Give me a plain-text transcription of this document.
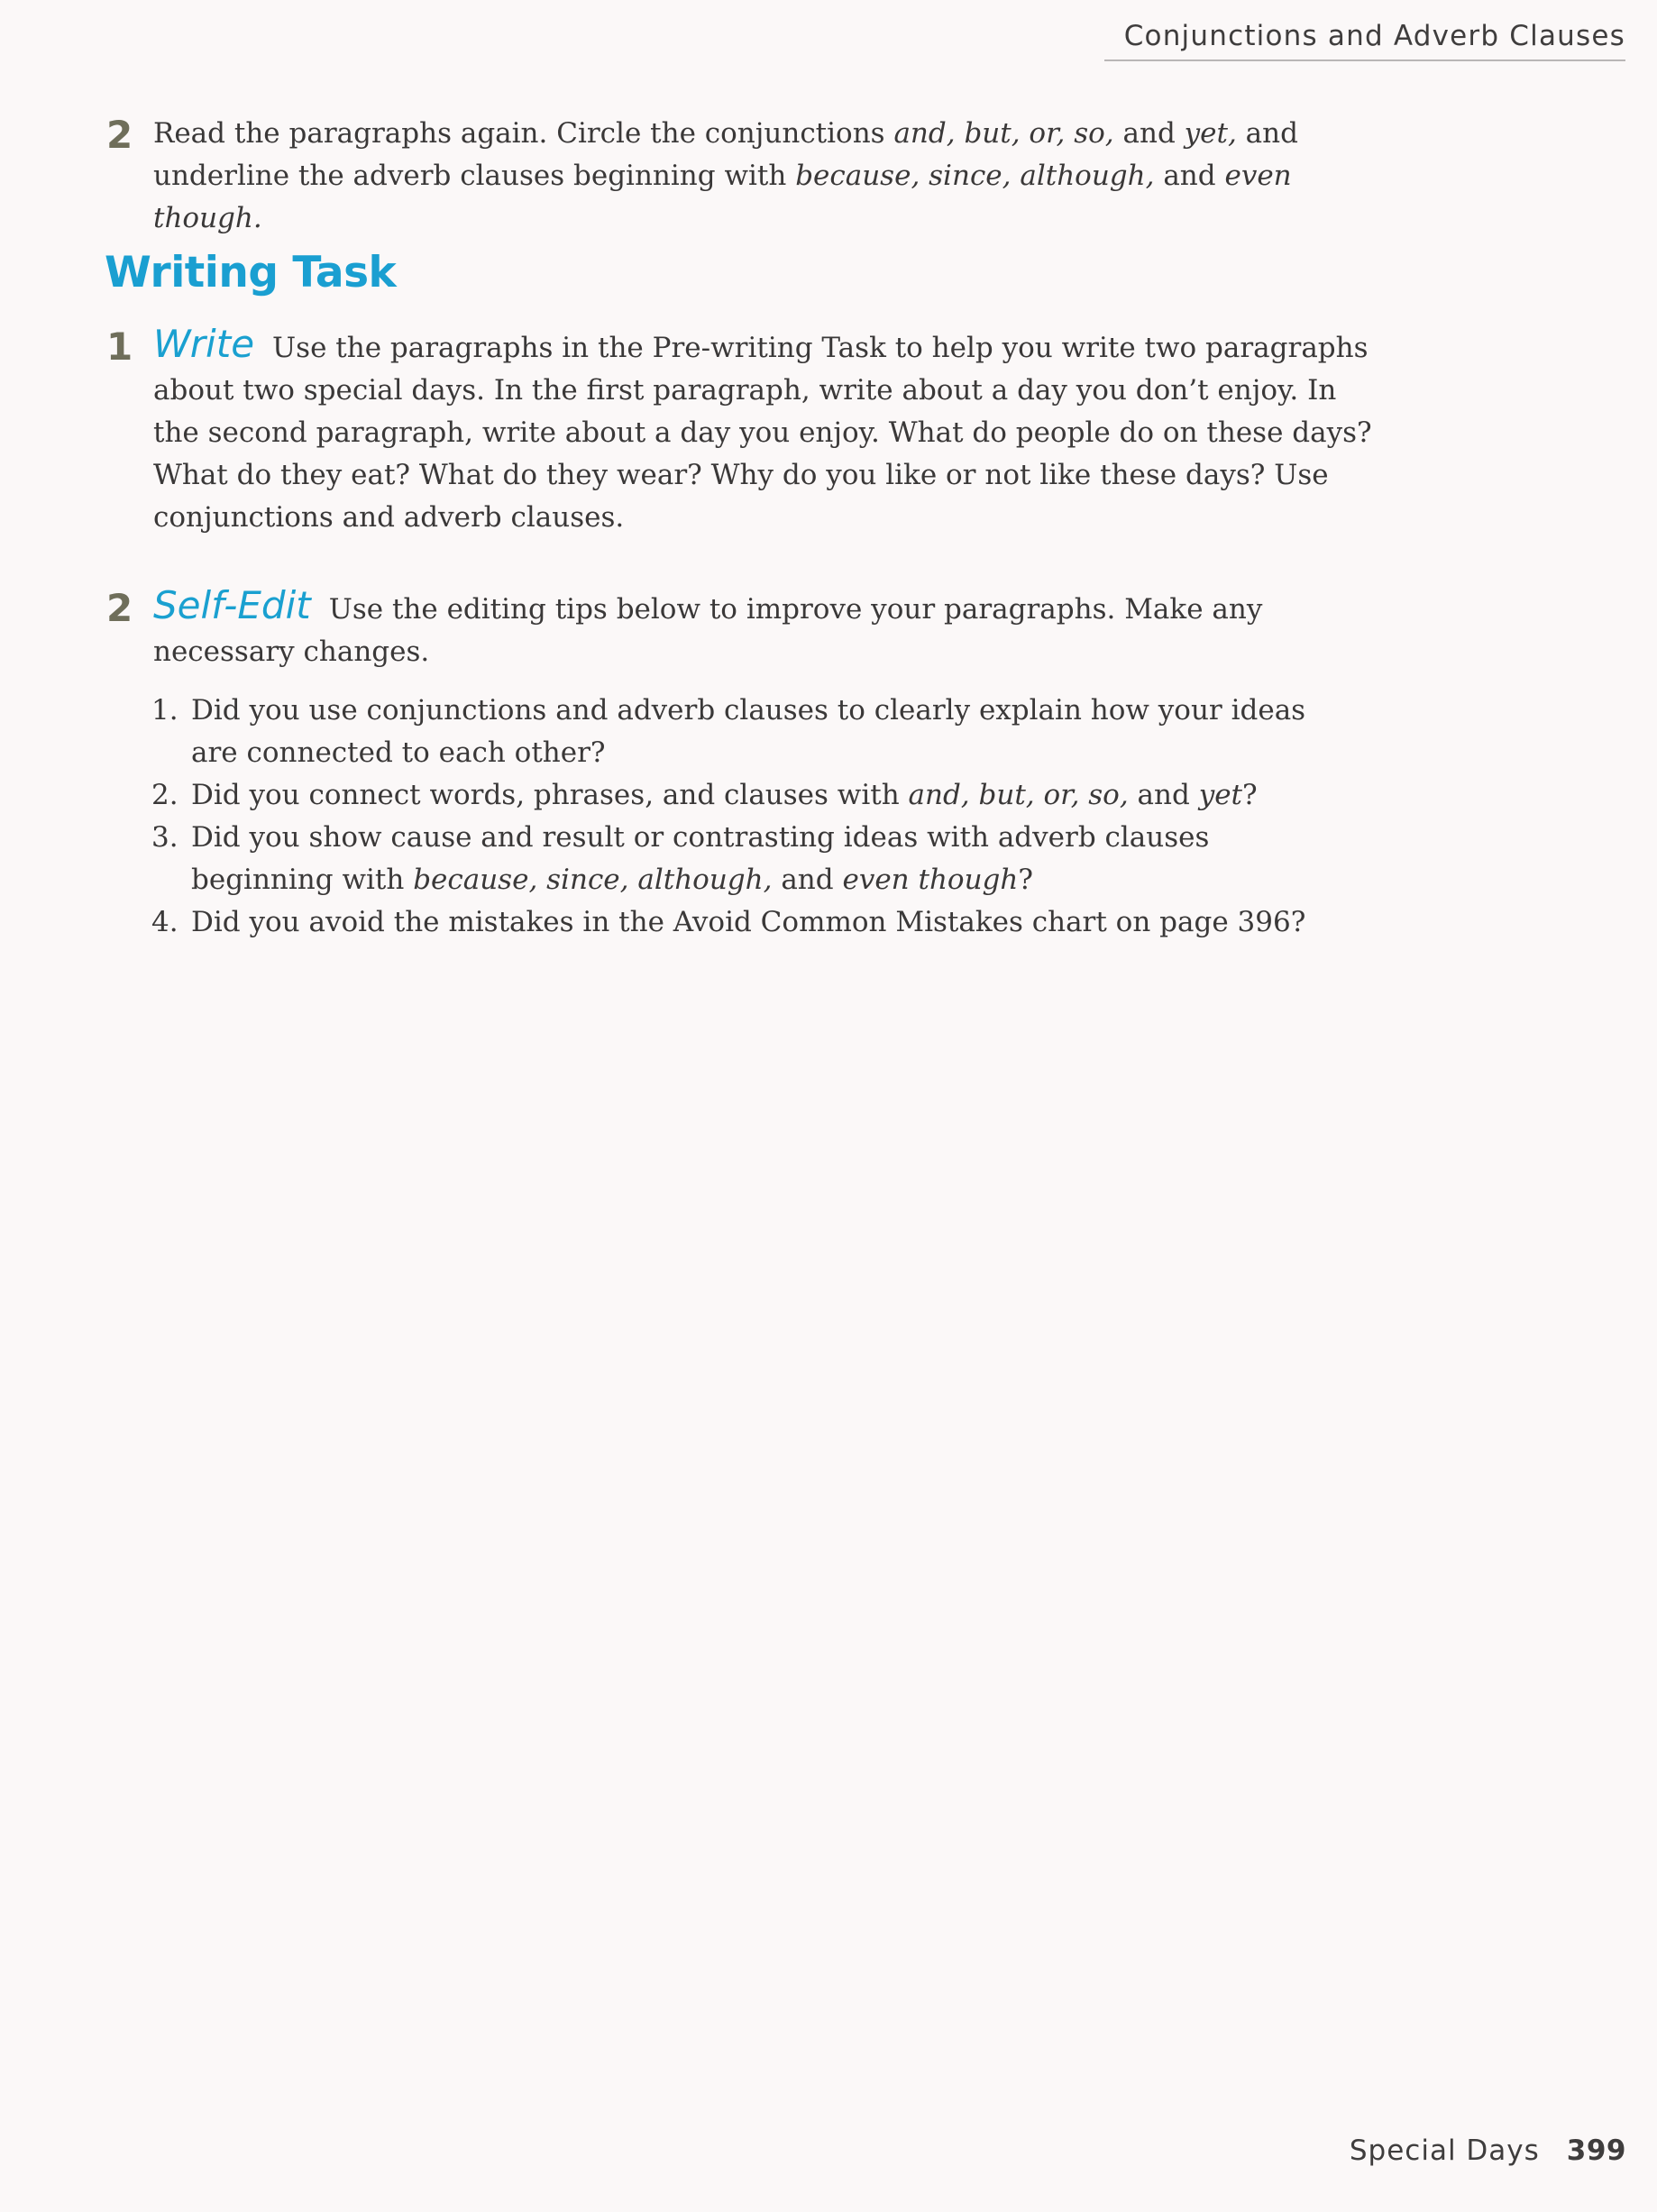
Conjunctions and Adverb Clauses
2 Read the paragraphs again. Circle the conjunctions and, but, or, so, and yet, and underline the adverb clauses beginning with because, since, although, and even though.
Writing Task
1 Write Use the paragraphs in the Pre-writing Task to help you write two paragraphs about two special days. In the first paragraph, write about a day you don’t enjoy. In the second paragraph, write about a day you enjoy. What do people do on these days? What do they eat? What do they wear? Why do you like or not like these days? Use conjunctions and adverb clauses.
2 Self-Edit Use the editing tips below to improve your paragraphs. Make any necessary changes.
1. Did you use conjunctions and adverb clauses to clearly explain how your ideas are connected to each other?
2. Did you connect words, phrases, and clauses with and, but, or, so, and yet?
3. Did you show cause and result or contrasting ideas with adverb clauses beginning with because, since, although, and even though?
4. Did you avoid the mistakes in the Avoid Common Mistakes chart on page 396?
Special Days 399
